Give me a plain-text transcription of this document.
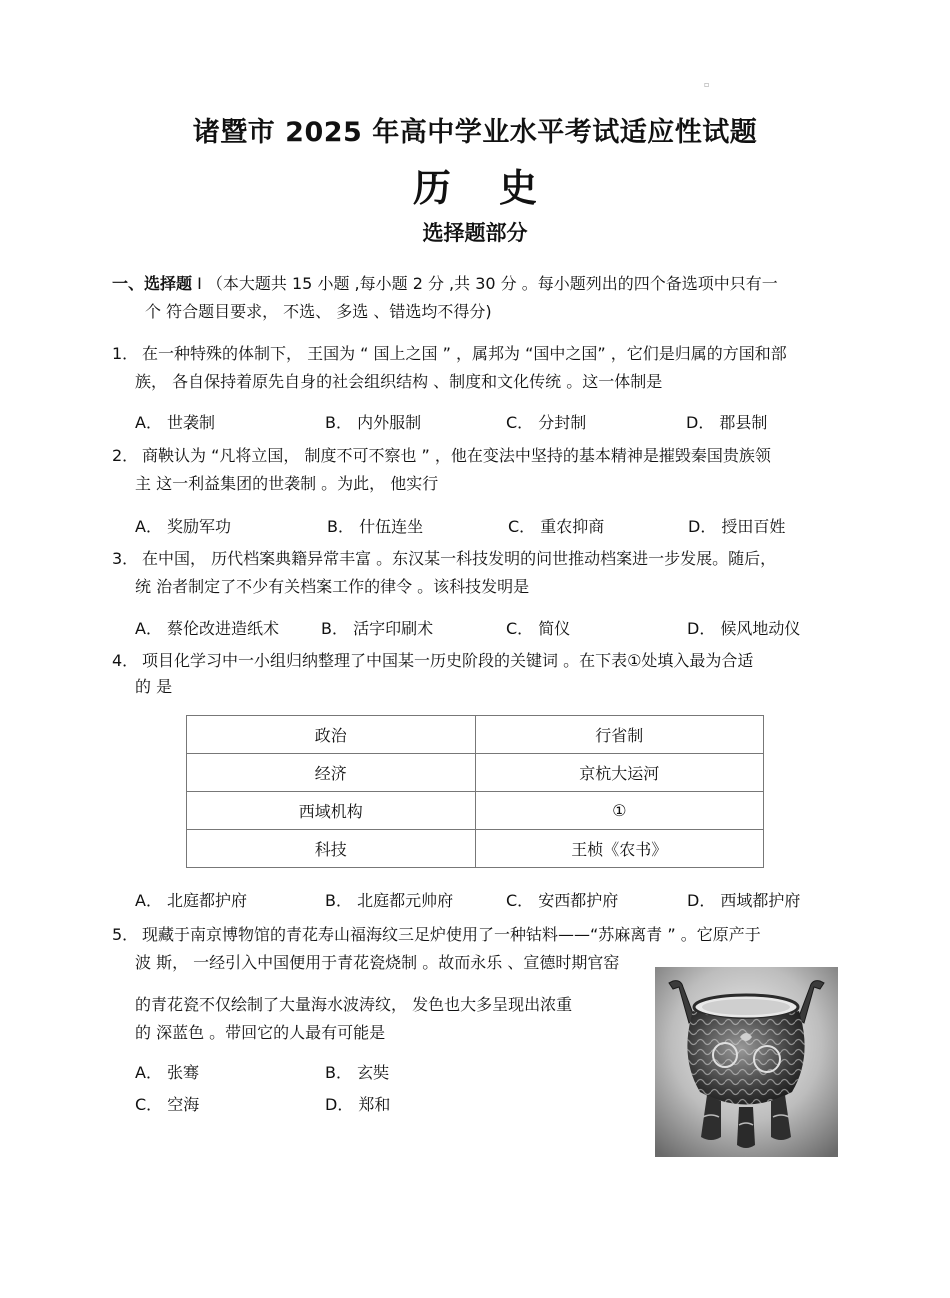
▫
诸暨市 2025 年高中学业水平考试适应性试题
历史
选择题部分
一、选择题 I （本大题共 15 小题 ,每小题 2 分 ,共 30 分 。每小题列出的四个备选项中只有一
个 符合题目要求， 不选、 多选 、错选均不得分)
1． 在一种特殊的体制下， 王国为 “ 国上之国 ” ，属邦为 “国中之国” ，它们是归属的方国和部
族， 各自保持着原先自身的社会组织结构 、制度和文化传统 。这一体制是
A． 世袭制	B． 内外服制	C． 分封制	D． 郡县制
2． 商鞅认为 “凡将立国， 制度不可不察也 ” ，他在变法中坚持的基本精神是摧毁秦国贵族领
主 这一利益集团的世袭制 。为此， 他实行
A． 奖励军功	B． 什伍连坐	C． 重农抑商	D． 授田百姓
3． 在中国， 历代档案典籍异常丰富 。东汉某一科技发明的问世推动档案进一步发展。随后，
统 治者制定了不少有关档案工作的律令 。该科技发明是
A． 蔡伦改进造纸术	B． 活字印刷术	C． 简仪	D． 候风地动仪
4． 项目化学习中一小组归纳整理了中国某一历史阶段的关键词 。在下表①处填入最为合适
的 是
政治	行省制
经济	京杭大运河
西域机构	①
科技	王桢《农书》
A． 北庭都护府	B． 北庭都元帅府	C． 安西都护府	D． 西域都护府
5． 现藏于南京博物馆的青花寿山福海纹三足炉使用了一种钴料——“苏麻离青 ” 。它原产于
波 斯， 一经引入中国便用于青花瓷烧制 。故而永乐 、宣德时期官窑
的青花瓷不仅绘制了大量海水波涛纹， 发色也大多呈现出浓重
的 深蓝色 。带回它的人最有可能是
A． 张骞	B． 玄奘
C． 空海	D． 郑和
